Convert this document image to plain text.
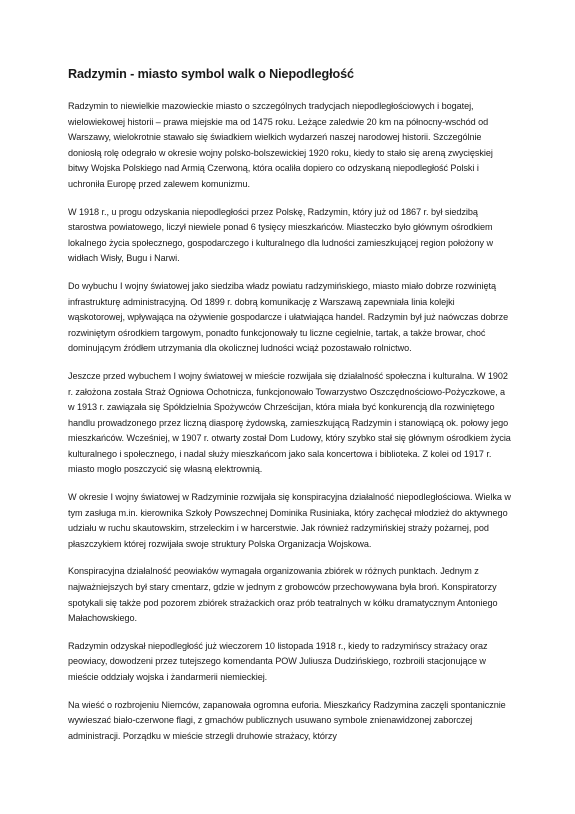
Radzymin - miasto symbol walk o Niepodległość

Radzymin to niewielkie mazowieckie miasto o szczególnych tradycjach niepodległościowych i bogatej, wielowiekowej historii – prawa miejskie ma od 1475 roku. Leżące zaledwie 20 km na północny-wschód od Warszawy, wielokrotnie stawało się świadkiem wielkich wydarzeń naszej narodowej historii. Szczególnie doniosłą rolę odegrało w okresie wojny polsko-bolszewickiej 1920 roku, kiedy to stało się areną zwycięskiej bitwy Wojska Polskiego nad Armią Czerwoną, która ocaliła dopiero co odzyskaną niepodległość Polski i uchroniła Europę przed zalewem komunizmu.

W 1918 r., u progu odzyskania niepodległości przez Polskę, Radzymin, który już od 1867 r. był siedzibą starostwa powiatowego, liczył niewiele ponad 6 tysięcy mieszkańców. Miasteczko było głównym ośrodkiem lokalnego życia społecznego, gospodarczego i kulturalnego dla ludności zamieszkującej region położony w widłach Wisły, Bugu i Narwi.

Do wybuchu I wojny światowej jako siedziba władz powiatu radzymińskiego, miasto miało dobrze rozwiniętą infrastrukturę administracyjną. Od 1899 r. dobrą komunikację z Warszawą zapewniała linia kolejki wąskotorowej, wpływająca na ożywienie gospodarcze i ułatwiająca handel. Radzymin był już naówczas dobrze rozwiniętym ośrodkiem targowym, ponadto funkcjonowały tu liczne cegielnie, tartak, a także browar, choć dominującym źródłem utrzymania dla okolicznej ludności wciąż pozostawało rolnictwo.

Jeszcze przed wybuchem I wojny światowej w mieście rozwijała się działalność społeczna i kulturalna. W 1902 r. założona została Straż Ogniowa Ochotnicza, funkcjonowało Towarzystwo Oszczędnościowo-Pożyczkowe, a w 1913 r. zawiązała się Spółdzielnia Spożywców Chrześcijan, która miała być konkurencją dla rozwiniętego handlu prowadzonego przez liczną diasporę żydowską, zamieszkującą Radzymin i stanowiącą ok. połowy jego mieszkańców. Wcześniej, w 1907 r. otwarty został Dom Ludowy, który szybko stał się głównym ośrodkiem życia kulturalnego i społecznego, i nadal służy mieszkańcom jako sala koncertowa i biblioteka. Z kolei od 1917 r. miasto mogło poszczycić się własną elektrownią.

W okresie I wojny światowej w Radzyminie rozwijała się konspiracyjna działalność niepodległościowa. Wielka w tym zasługa m.in. kierownika Szkoły Powszechnej Dominika Rusiniaka, który zachęcał młodzież do aktywnego udziału w ruchu skautowskim, strzeleckim i w harcerstwie. Jak również radzymińskiej straży pożarnej, pod płaszczykiem której rozwijała swoje struktury Polska Organizacja Wojskowa.

Konspiracyjna działalność peowiaków wymagała organizowania zbiórek w różnych punktach. Jednym z najważniejszych był stary cmentarz, gdzie w jednym z grobowców przechowywana była broń. Konspiratorzy spotykali się także pod pozorem zbiórek strażackich oraz prób teatralnych w kółku dramatycznym Antoniego Małachowskiego.

Radzymin odzyskał niepodległość już wieczorem 10 listopada 1918 r., kiedy to radzymińscy strażacy oraz peowiacy, dowodzeni przez tutejszego komendanta POW Juliusza Dudzińskiego, rozbroili stacjonujące w mieście oddziały wojska i żandarmerii niemieckiej.

Na wieść o rozbrojeniu Niemców, zapanowała ogromna euforia. Mieszkańcy Radzymina zaczęli spontanicznie wywieszać biało-czerwone flagi, z gmachów publicznych usuwano symbole znienawidzonej zaborczej administracji. Porządku w mieście strzegli druhowie strażacy, którzy
